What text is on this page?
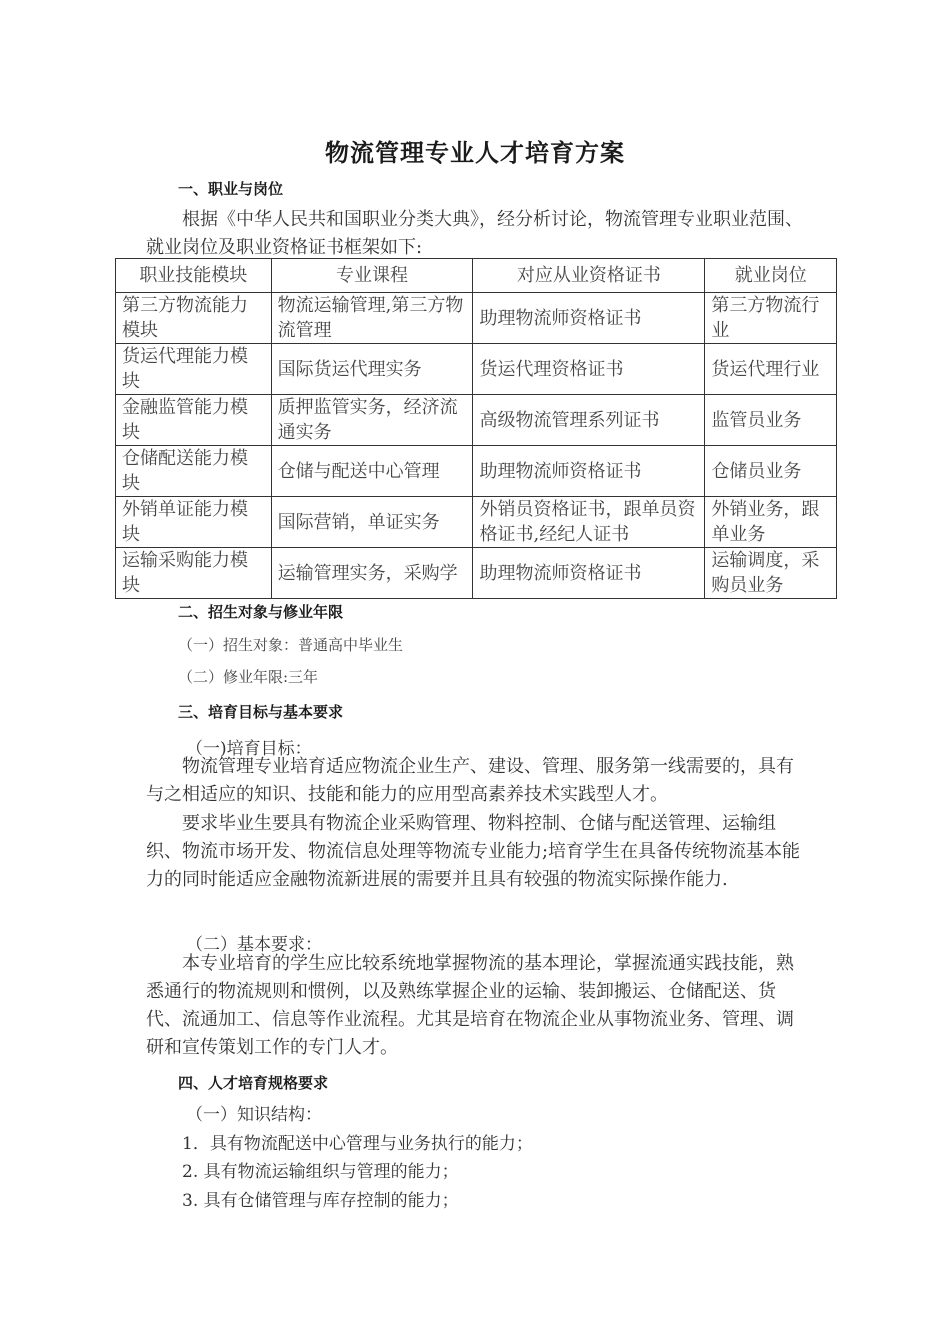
物流管理专业人才培育方案
一、职业与岗位

根据《中华人民共和国职业分类大典》，经分析讨论，物流管理专业职业范围、就业岗位及职业资格证书框架如下:

职业技能模块	专业课程	对应从业资格证书	就业岗位
第三方物流能力模块	物流运输管理,第三方物流管理	助理物流师资格证书	第三方物流行业
货运代理能力模块	国际货运代理实务	货运代理资格证书	货运代理行业
金融监管能力模块	质押监管实务，经济流通实务	高级物流管理系列证书	监管员业务
仓储配送能力模块	仓储与配送中心管理	助理物流师资格证书	仓储员业务
外销单证能力模块	国际营销，单证实务	外销员资格证书，跟单员资格证书,经纪人证书	外销业务，跟单业务
运输采购能力模块	运输管理实务，采购学	助理物流师资格证书	运输调度，采购员业务
二、招生对象与修业年限
（一）招生对象：普通高中毕业生
（二）修业年限:三年
三、培育目标与基本要求
（一)培育目标：

物流管理专业培育适应物流企业生产、建设、管理、服务第一线需要的，具有与之相适应的知识、技能和能力的应用型高素养技术实践型人才。

要求毕业生要具有物流企业采购管理、物料控制、仓储与配送管理、运输组织、物流市场开发、物流信息处理等物流专业能力;培育学生在具备传统物流基本能力的同时能适应金融物流新进展的需要并且具有较强的物流实际操作能力.

（二）基本要求：

本专业培育的学生应比较系统地掌握物流的基本理论，掌握流通实践技能，熟悉通行的物流规则和惯例，以及熟练掌握企业的运输、装卸搬运、仓储配送、货代、流通加工、信息等作业流程。尤其是培育在物流企业从事物流业务、管理、调研和宣传策划工作的专门人才。

四、人才培育规格要求
（一）知识结构：
1．具有物流配送中心管理与业务执行的能力；
2. 具有物流运输组织与管理的能力；
3. 具有仓储管理与库存控制的能力；
